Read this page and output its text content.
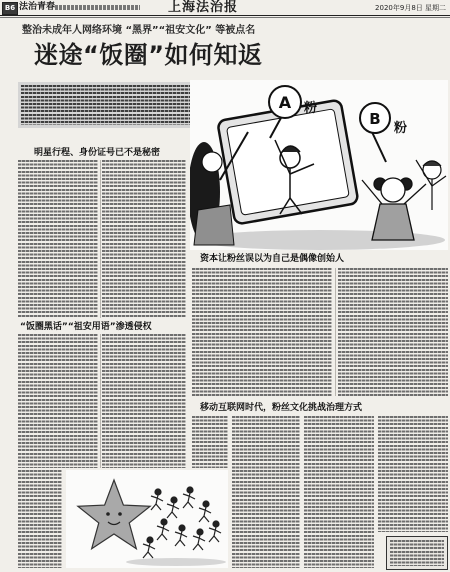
B6 法治青春	上海法治报	2020年9月8日 星期二
整治未成年人网络环境 “黑界”“祖安文化” 等被点名
迷途“饭圈”如何知返
A 粉
B
粉
明星行程、身份证号已不是秘密
资本让粉丝误以为自己是偶像创始人
“饭圈黑话”“祖安用语”渗透侵权
移动互联网时代，粉丝文化挑战治理方式
